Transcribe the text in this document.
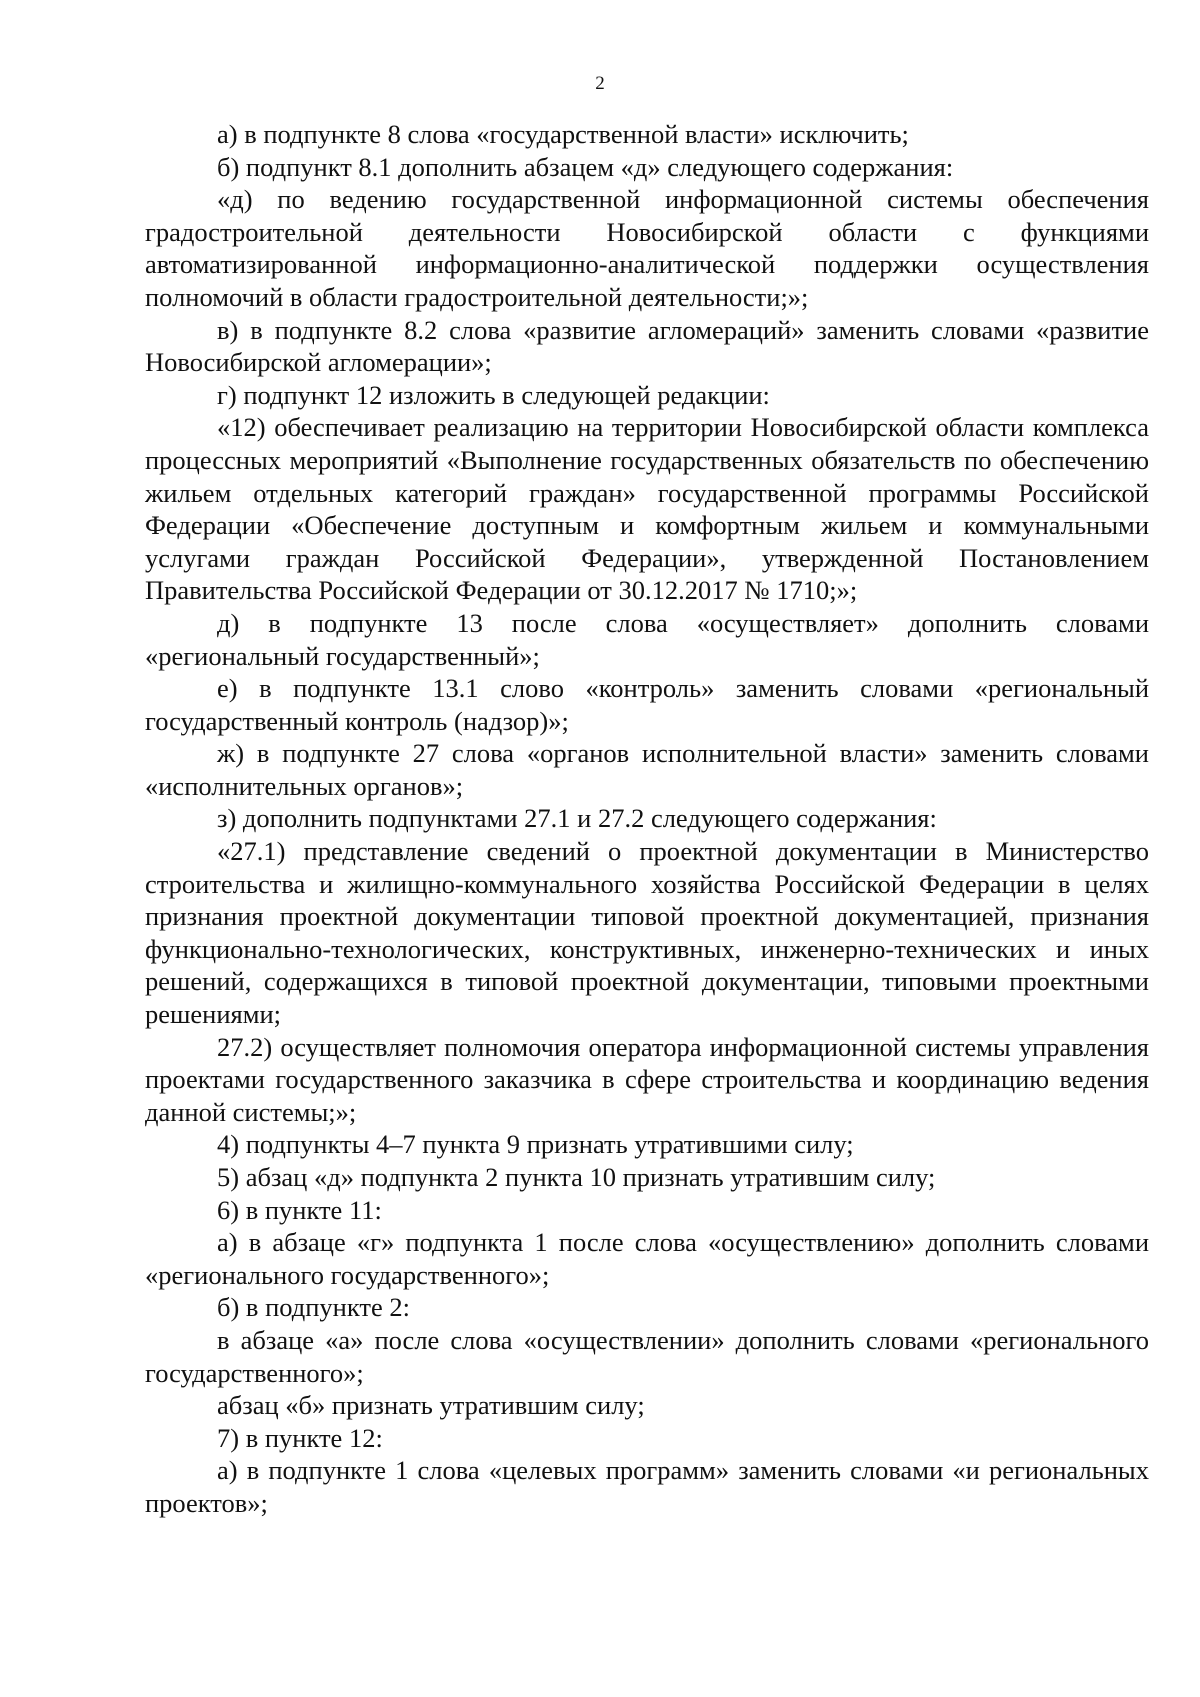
2

а) в подпункте 8 слова «государственной власти» исключить;

б) подпункт 8.1 дополнить абзацем «д» следующего содержания:

«д) по ведению государственной информационной системы обеспечения градостроительной деятельности Новосибирской области с функциями автоматизированной информационно-аналитической поддержки осуществления полномочий в области градостроительной деятельности;»;

в) в подпункте 8.2 слова «развитие агломераций» заменить словами «развитие Новосибирской агломерации»;

г) подпункт 12 изложить в следующей редакции:

«12) обеспечивает реализацию на территории Новосибирской области комплекса процессных мероприятий «Выполнение государственных обязательств по обеспечению жильем отдельных категорий граждан» государственной программы Российской Федерации «Обеспечение доступным и комфортным жильем и коммунальными услугами граждан Российской Федерации», утвержденной Постановлением Правительства Российской Федерации от 30.12.2017 № 1710;»;

д) в подпункте 13 после слова «осуществляет» дополнить словами «региональный государственный»;

е) в подпункте 13.1 слово «контроль» заменить словами «региональный государственный контроль (надзор)»;

ж) в подпункте 27 слова «органов исполнительной власти» заменить словами «исполнительных органов»;

з) дополнить подпунктами 27.1 и 27.2 следующего содержания:

«27.1) представление сведений о проектной документации в Министерство строительства и жилищно-коммунального хозяйства Российской Федерации в целях признания проектной документации типовой проектной документацией, признания функционально-технологических, конструктивных, инженерно-технических и иных решений, содержащихся в типовой проектной документации, типовыми проектными решениями;

27.2) осуществляет полномочия оператора информационной системы управления проектами государственного заказчика в сфере строительства и координацию ведения данной системы;»;

4) подпункты 4–7 пункта 9 признать утратившими силу;

5) абзац «д» подпункта 2 пункта 10 признать утратившим силу;

6) в пункте 11:

а) в абзаце «г» подпункта 1 после слова «осуществлению» дополнить словами «регионального государственного»;

б) в подпункте 2:

в абзаце «а» после слова «осуществлении» дополнить словами «регионального государственного»;

абзац «б» признать утратившим силу;

7) в пункте 12:

а) в подпункте 1 слова «целевых программ» заменить словами «и региональных проектов»;
